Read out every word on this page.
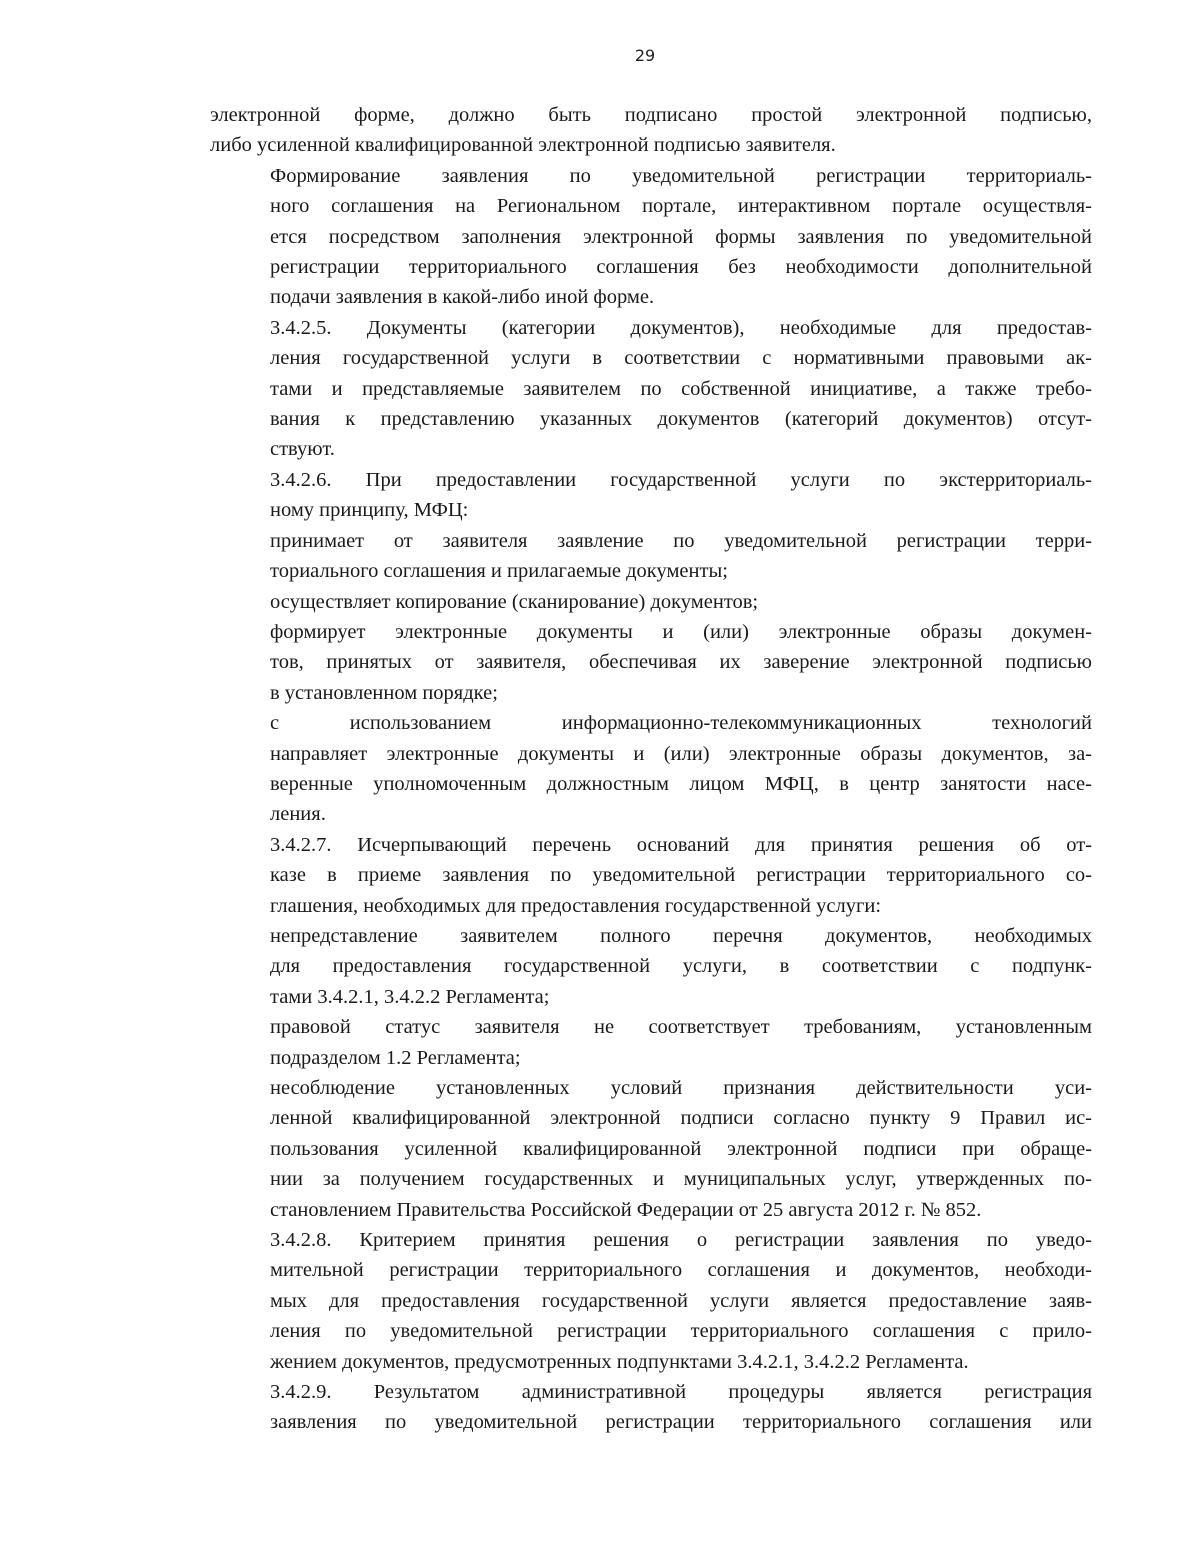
29

электронной форме, должно быть подписано простой электронной подписью,
либо усиленной квалифицированной электронной подписью заявителя.

Формирование заявления по уведомительной регистрации территориаль-
ного соглашения на Региональном портале, интерактивном портале осуществля-
ется посредством заполнения электронной формы заявления по уведомительной
регистрации территориального соглашения без необходимости дополнительной
подачи заявления в какой-либо иной форме.

3.4.2.5. Документы (категории документов), необходимые для предостав-
ления государственной услуги в соответствии с нормативными правовыми ак-
тами и представляемые заявителем по собственной инициативе, а также требо-
вания к представлению указанных документов (категорий документов) отсут-
ствуют.

3.4.2.6. При предоставлении государственной услуги по экстерриториаль-
ному принципу, МФЦ:

принимает от заявителя заявление по уведомительной регистрации терри-
ториального соглашения и прилагаемые документы;

осуществляет копирование (сканирование) документов;

формирует электронные документы и (или) электронные образы докумен-
тов, принятых от заявителя, обеспечивая их заверение электронной подписью
в установленном порядке;

с использованием информационно-телекоммуникационных технологий
направляет электронные документы и (или) электронные образы документов, за-
веренные уполномоченным должностным лицом МФЦ, в центр занятости насе-
ления.

3.4.2.7. Исчерпывающий перечень оснований для принятия решения об от-
казе в приеме заявления по уведомительной регистрации территориального со-
глашения, необходимых для предоставления государственной услуги:

непредставление заявителем полного перечня документов, необходимых
для предоставления государственной услуги, в соответствии с подпунк-
тами 3.4.2.1, 3.4.2.2 Регламента;

правовой статус заявителя не соответствует требованиям, установленным
подразделом 1.2 Регламента;

несоблюдение установленных условий признания действительности уси-
ленной квалифицированной электронной подписи согласно пункту 9 Правил ис-
пользования усиленной квалифицированной электронной подписи при обраще-
нии за получением государственных и муниципальных услуг, утвержденных по-
становлением Правительства Российской Федерации от 25 августа 2012 г. № 852.

3.4.2.8. Критерием принятия решения о регистрации заявления по уведо-
мительной регистрации территориального соглашения и документов, необходи-
мых для предоставления государственной услуги является предоставление заяв-
ления по уведомительной регистрации территориального соглашения с прило-
жением документов, предусмотренных подпунктами 3.4.2.1, 3.4.2.2 Регламента.

3.4.2.9. Результатом административной процедуры является регистрация
заявления по уведомительной регистрации территориального соглашения или
